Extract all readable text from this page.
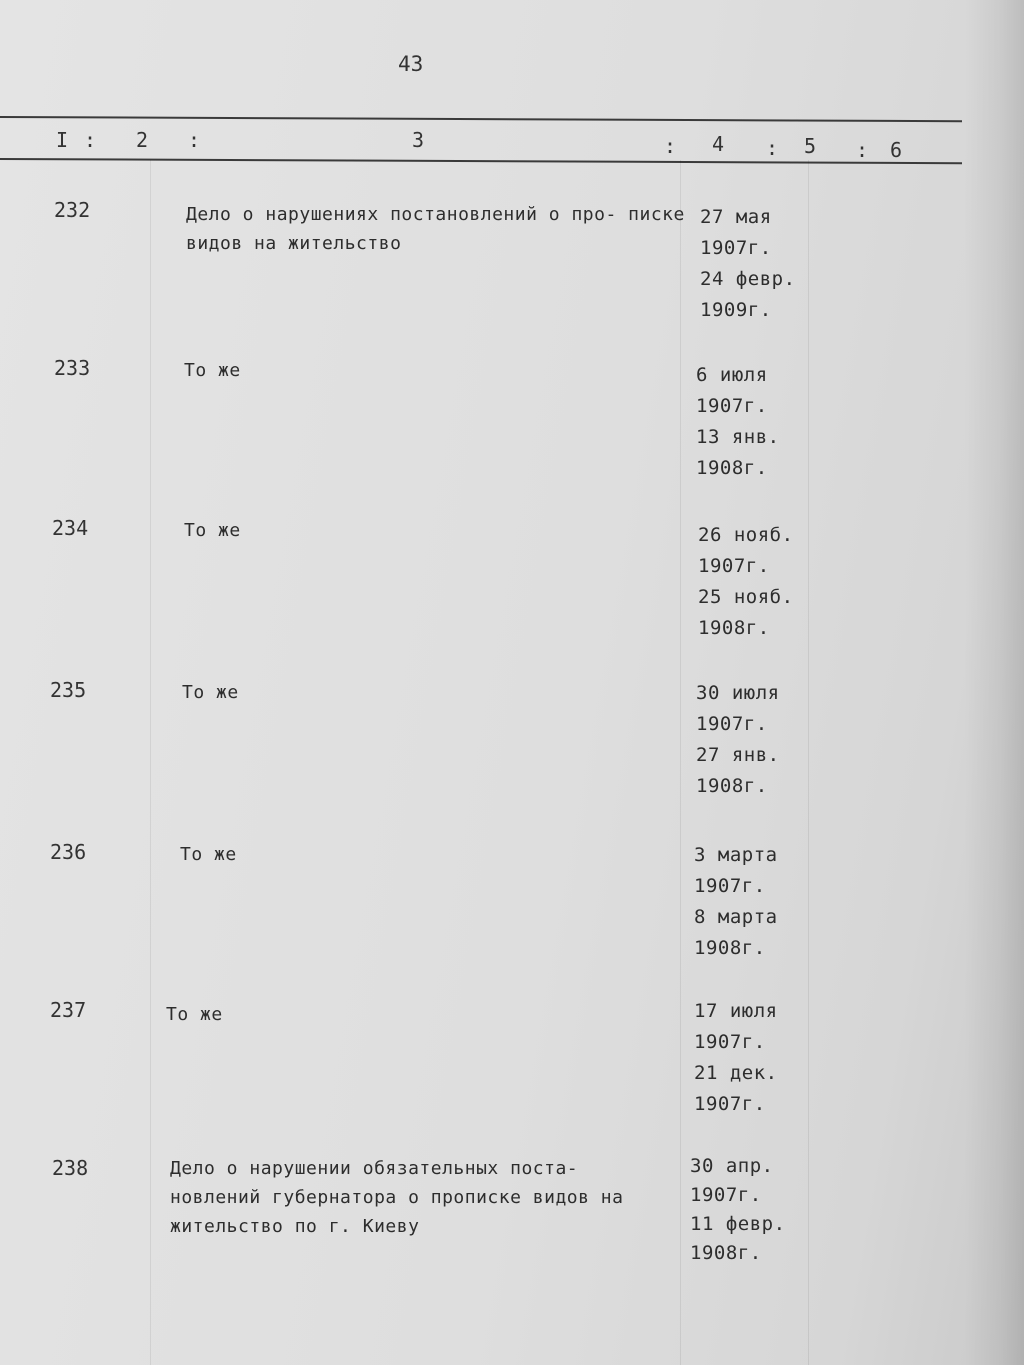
43
I : 2 :	3	: 4 : 5 : 6
232	Дело о нарушениях постановлений о про- писке видов на жительство
27 мая
1907г.
24 февр.
1909г.
233	То же	6 июля
1907г.
13 янв.
1908г.
234	То же	26 нояб.
1907г.
25 нояб.
1908г.
235	То же	30 июля
1907г.
27 янв.
1908г.
236	То же	3 марта
1907г.
8 марта
1908г.
237	То же	17 июля
1907г.
21 дек.
1907г.
238	Дело о нарушении обязательных поста- новлений губернатора о прописке видов на жительство по г. Киеву
30 апр.
1907г.
11 февр.
1908г.
